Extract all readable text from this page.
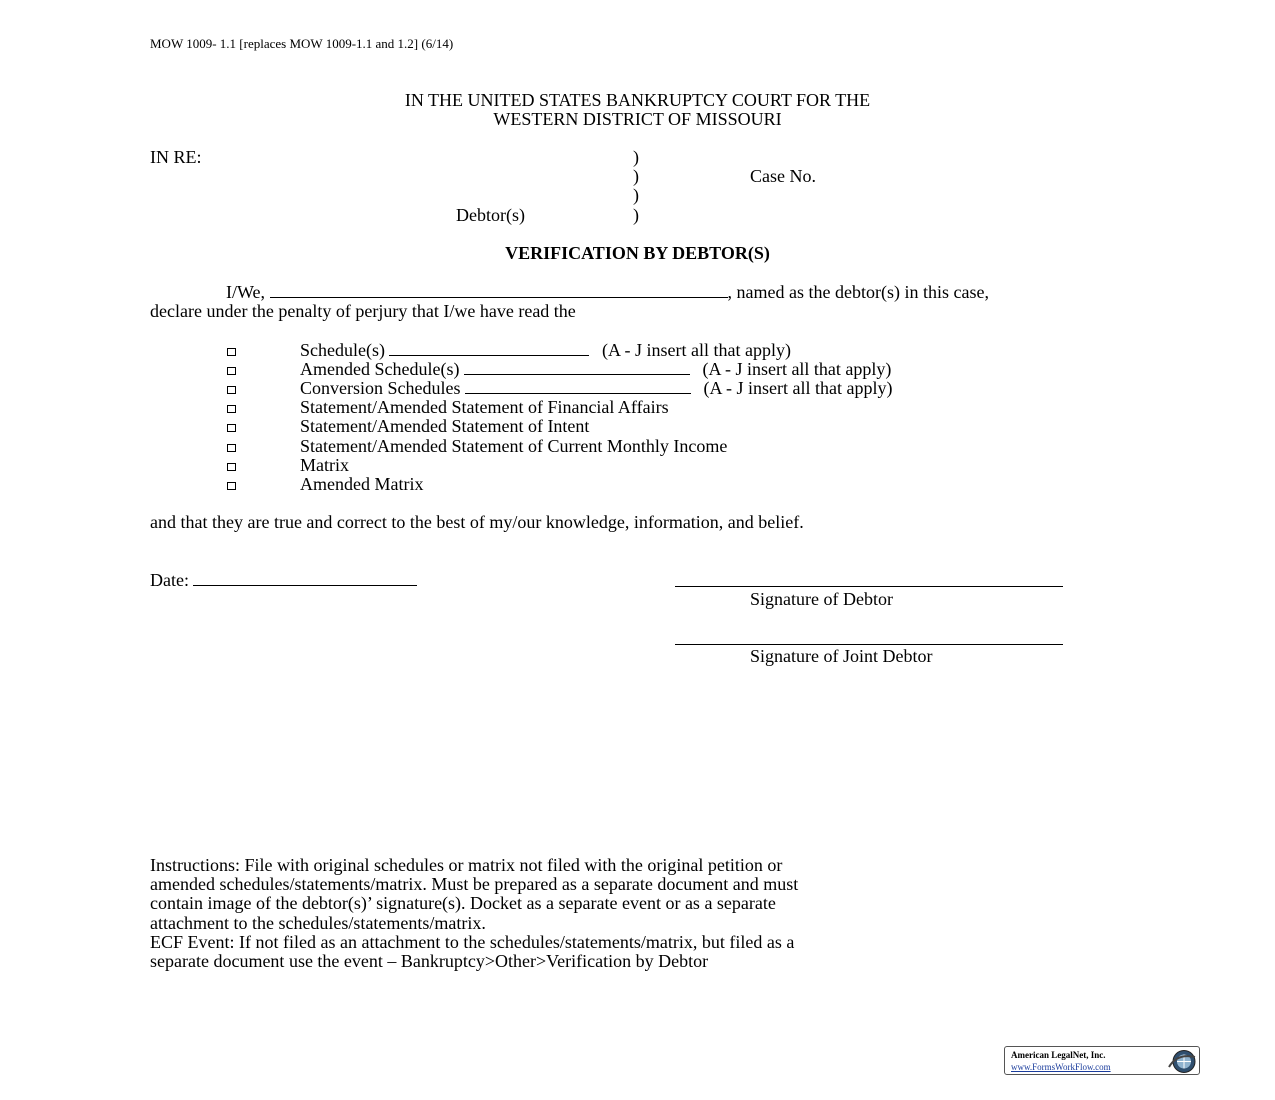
MOW 1009- 1.1 [replaces MOW 1009-1.1 and 1.2] (6/14)
IN THE UNITED STATES BANKRUPTCY COURT FOR THE
WESTERN DISTRICT OF MISSOURI
IN RE:	)
)
)
)
Case No.
Debtor(s)
VERIFICATION BY DEBTOR(S)
I/We,	, named as the debtor(s) in this case,
declare under the penalty of perjury that I/we have read the
Schedule(s)	(A - J insert all that apply)
Amended Schedule(s)	(A - J insert all that apply)
Conversion Schedules	(A - J insert all that apply)
Statement/Amended Statement of Financial Affairs
Statement/Amended Statement of Intent
Statement/Amended Statement of Current Monthly Income
Matrix
Amended Matrix
and that they are true and correct to the best of my/our knowledge, information, and belief.
Date:
Signature of Debtor
Signature of Joint Debtor
Instructions: File with original schedules or matrix not filed with the original petition or
amended schedules/statements/matrix. Must be prepared as a separate document and must
contain image of the debtor(s)’ signature(s). Docket as a separate event or as a separate
attachment to the schedules/statements/matrix.
ECF Event: If not filed as an attachment to the schedules/statements/matrix, but filed as a
separate document use the event – Bankruptcy>Other>Verification by Debtor
American LegalNet, Inc.
www.FormsWorkFlow.com
